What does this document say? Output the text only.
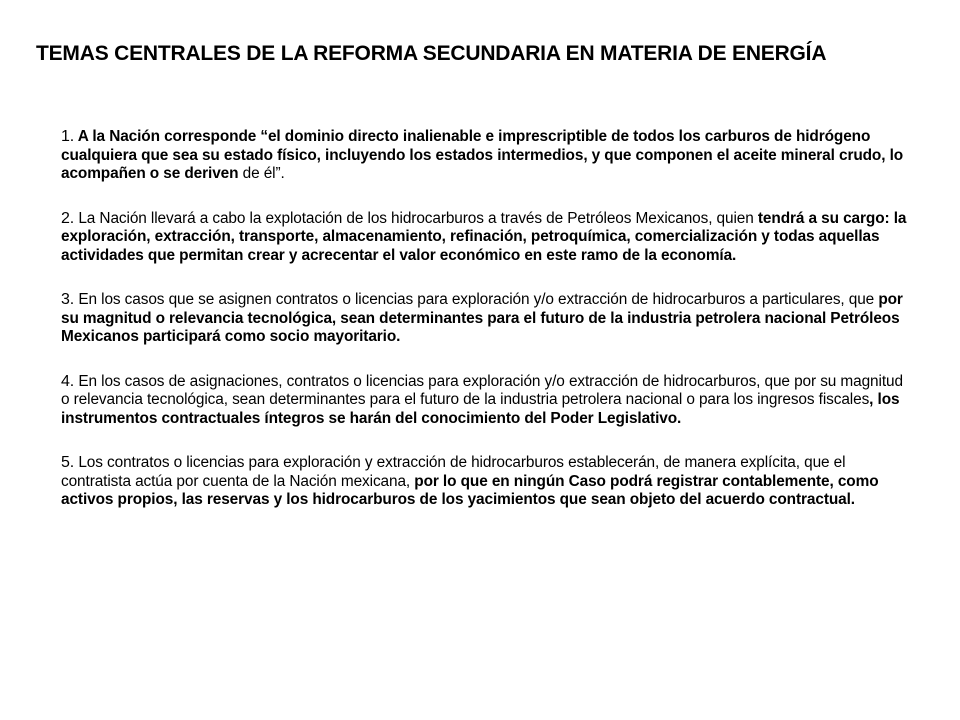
TEMAS CENTRALES DE LA REFORMA SECUNDARIA EN MATERIA DE ENERGÍA

1. A la Nación corresponde “el dominio directo inalienable e imprescriptible de todos los carburos de hidrógeno cualquiera que sea su estado físico, incluyendo los estados intermedios, y que componen el aceite mineral crudo, lo acompañen o se deriven de él”.

2. La Nación llevará a cabo la explotación de los hidrocarburos a través de Petróleos Mexicanos, quien tendrá a su cargo: la exploración, extracción, transporte, almacenamiento, refinación, petroquímica, comercialización y todas aquellas actividades que permitan crear y acrecentar el valor económico en este ramo de la economía.

3. En los casos que se asignen contratos o licencias para exploración y/o extracción de hidrocarburos a particulares, que por su magnitud o relevancia tecnológica, sean determinantes para el futuro de la industria petrolera nacional Petróleos Mexicanos participará como socio mayoritario.

4. En los casos de asignaciones, contratos o licencias para exploración y/o extracción de hidrocarburos, que por su magnitud o relevancia tecnológica, sean determinantes para el futuro de la industria petrolera nacional o para los ingresos fiscales, los instrumentos contractuales íntegros se harán del conocimiento del Poder Legislativo.

5. Los contratos o licencias para exploración y extracción de hidrocarburos establecerán, de manera explícita, que el contratista actúa por cuenta de la Nación mexicana, por lo que en ningún Caso podrá registrar contablemente, como activos propios, las reservas y los hidrocarburos de los yacimientos que sean objeto del acuerdo contractual.
